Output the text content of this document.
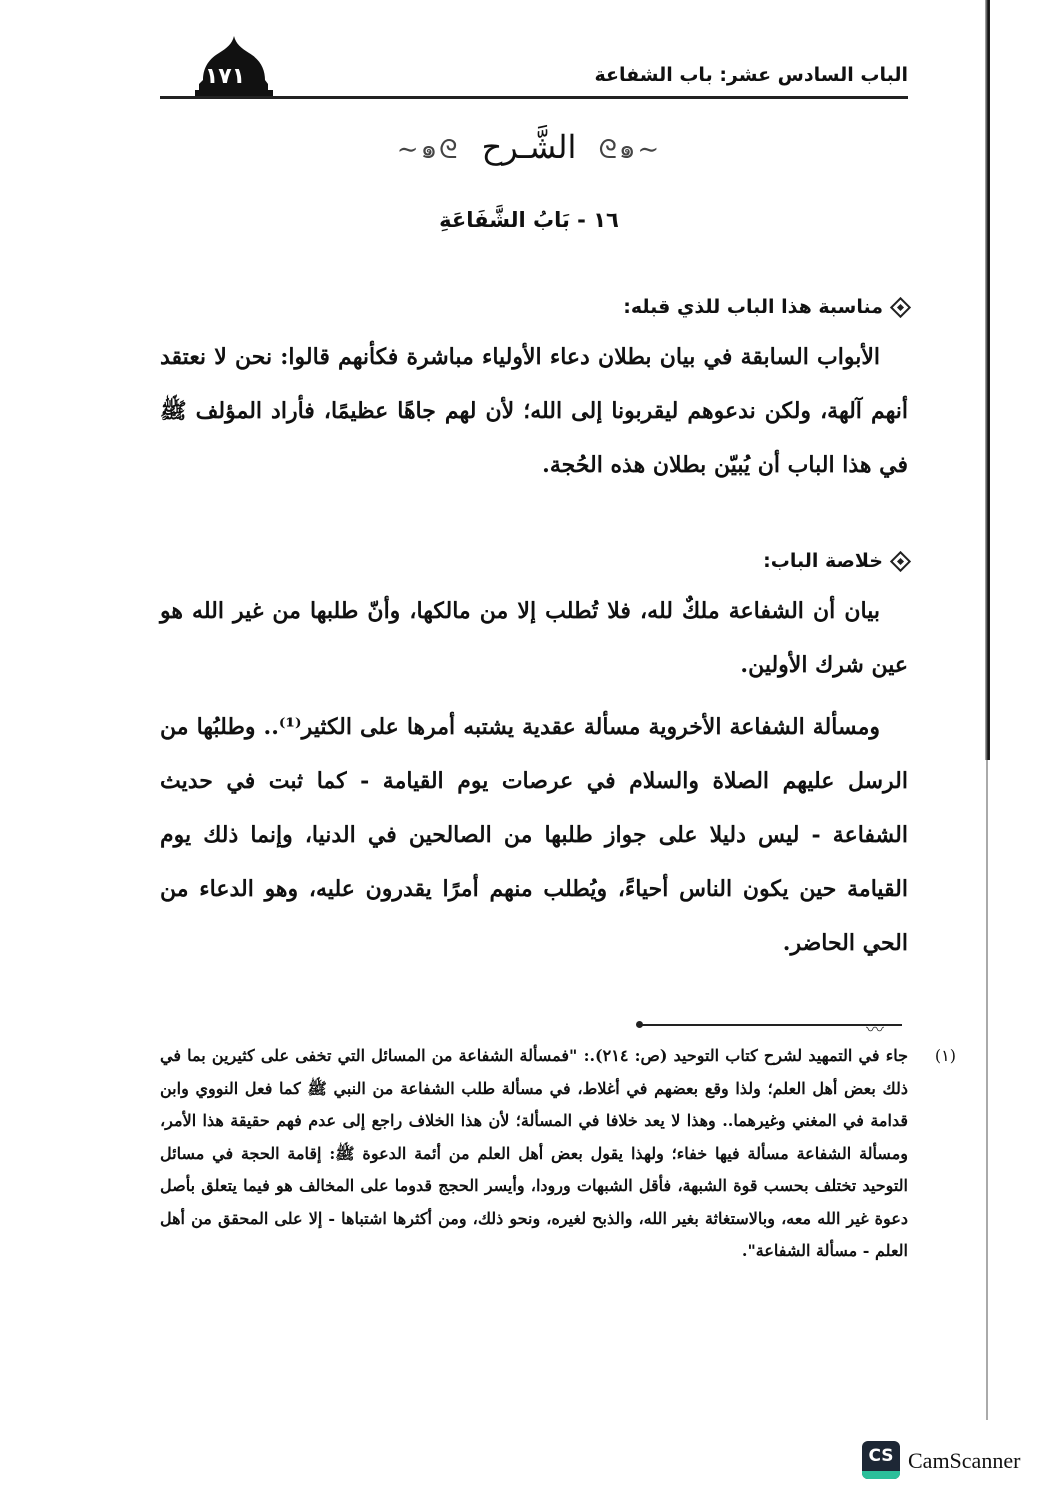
١٧١	الباب السادس عشر: باب الشفاعة
∽ᘓ๑ الشَّـرح ๑ᘓ∽
١٦ - بَابُ الشَّفَاعَةِ
مناسبة هذا الباب للذي قبله:

الأبواب السابقة في بيان بطلان دعاء الأولياء مباشرة فكأنهم قالوا: نحن لا نعتقد أنهم آلهة، ولكن ندعوهم ليقربونا إلى الله؛ لأن لهم جاهًا عظيمًا، فأراد المؤلف ﷺ في هذا الباب أن يُبيّن بطلان هذه الحُجة.

خلاصة الباب:

بيان أن الشفاعة ملكٌ لله، فلا تُطلب إلا من مالكها، وأنّ طلبها من غير الله هو عين شرك الأولين.

ومسألة الشفاعة الأخروية مسألة عقدية يشتبه أمرها على الكثير⁽¹⁾.. وطلبُها من الرسل عليهم الصلاة والسلام في عرصات يوم القيامة - كما ثبت في حديث الشفاعة - ليس دليلا على جواز طلبها من الصالحين في الدنيا، وإنما ذلك يوم القيامة حين يكون الناس أحياءً، ويُطلب منهم أمرًا يقدرون عليه، وهو الدعاء من الحي الحاضر.

〰
(١)
جاء في التمهيد لشرح كتاب التوحيد (ص: ٢١٤).: "فمسألة الشفاعة من المسائل التي تخفى على كثيرين بما في ذلك بعض أهل العلم؛ ولذا وقع بعضهم في أغلاط، في مسألة طلب الشفاعة من النبي ﷺ كما فعل النووي وابن قدامة في المغني وغيرهما.. وهذا لا يعد خلافا في المسألة؛ لأن هذا الخلاف راجع إلى عدم فهم حقيقة هذا الأمر، ومسألة الشفاعة مسألة فيها خفاء؛ ولهذا يقول بعض أهل العلم من أئمة الدعوة ﷺ: إقامة الحجة في مسائل التوحيد تختلف بحسب قوة الشبهة، فأقل الشبهات ورودا، وأيسر الحجج قدوما على المخالف هو فيما يتعلق بأصل دعوة غير الله معه، وبالاستغاثة بغير الله، والذبح لغيره، ونحو ذلك، ومن أكثرها اشتباها - إلا على المحقق من أهل العلم - مسألة الشفاعة".
CS CamScanner
